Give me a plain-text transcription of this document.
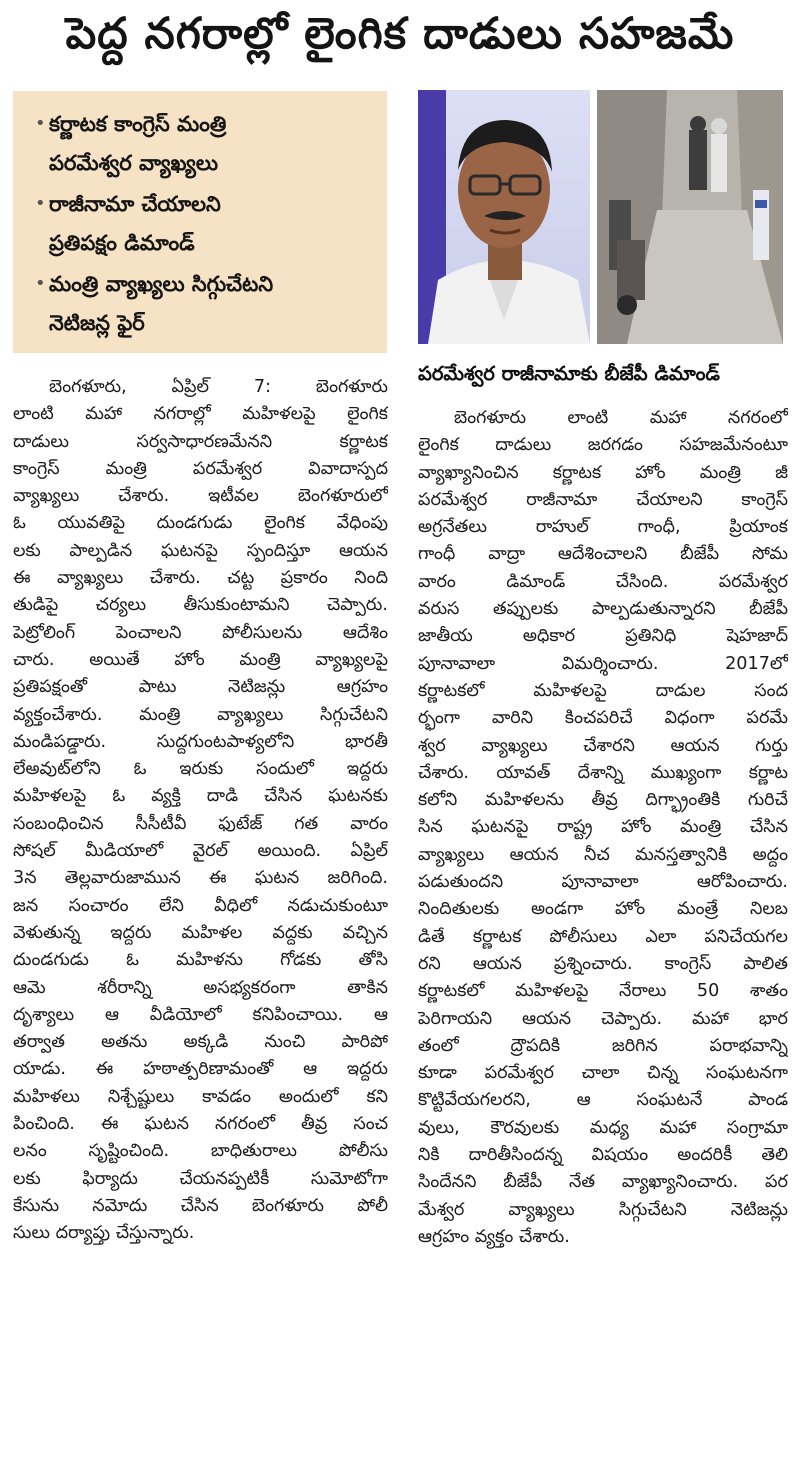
పెద్ద నగరాల్లో లైంగిక దాడులు సహజమే
• కర్ణాటక కాంగ్రెస్ మంత్రి
పరమేశ్వర వ్యాఖ్యలు
• రాజీనామా చేయాలని
ప్రతిపక్షం డిమాండ్
• మంత్రి వ్యాఖ్యలు సిగ్గుచేటని
నెటిజన్ల ఫైర్
పరమేశ్వర రాజీనామాకు బీజేపీ డిమాండ్
బెంగళూరు, ఏప్రిల్ 7: బెంగళూరు
లాంటి మహా నగరాల్లో మహిళలపై లైంగిక
దాడులు సర్వసాధారణమేనని కర్ణాటక
కాంగ్రెస్ మంత్రి పరమేశ్వర వివాదాస్పద
వ్యాఖ్యలు చేశారు. ఇటీవల బెంగళూరులో
ఓ యువతిపై దుండగుడు లైంగిక వేధింపు
లకు పాల్పడిన ఘటనపై స్పందిస్తూ ఆయన
ఈ వ్యాఖ్యలు చేశారు. చట్ట ప్రకారం నింది
తుడిపై చర్యలు తీసుకుంటామని చెప్పారు.
పెట్రోలింగ్ పెంచాలని పోలీసులను ఆదేశిం
చారు. అయితే హోం మంత్రి వ్యాఖ్యలపై
ప్రతిపక్షంతో పాటు నెటిజన్లు ఆగ్రహం
వ్యక్తంచేశారు. మంత్రి వ్యాఖ్యలు సిగ్గుచేటని
మండిపడ్డారు. సుద్దగుంటపాళ్యలోని భారతీ
లేఅవుట్‌లోని ఓ ఇరుకు సందులో ఇద్దరు
మహిళలపై ఓ వ్యక్తి దాడి చేసిన ఘటనకు
సంబంధించిన సీసీటీవీ ఫుటేజ్ గత వారం
సోషల్ మీడియాలో వైరల్ అయింది. ఏప్రిల్
3న తెల్లవారుజామున ఈ ఘటన జరిగింది.
జన సంచారం లేని వీధిలో నడుచుకుంటూ
వెళుతున్న ఇద్దరు మహిళల వద్దకు వచ్చిన
దుండగుడు ఓ మహిళను గోడకు తోసి
ఆమె శరీరాన్ని అసభ్యకరంగా తాకిన
దృశ్యాలు ఆ వీడియోలో కనిపించాయి. ఆ
తర్వాత అతను అక్కడి నుంచి పారిపో
యాడు. ఈ హఠాత్పరిణామంతో ఆ ఇద్దరు
మహిళలు నిశ్చేష్టులు కావడం అందులో కని
పించింది. ఈ ఘటన నగరంలో తీవ్ర సంచ
లనం సృష్టించింది. బాధితురాలు పోలీసు
లకు ఫిర్యాదు చేయనప్పటికీ సుమోటోగా
కేసును నమోదు చేసిన బెంగళూరు పోలీ
సులు దర్యాప్తు చేస్తున్నారు.
బెంగళూరు లాంటి మహా నగరంలో
లైంగిక దాడులు జరగడం సహజమేనంటూ
వ్యాఖ్యానించిన కర్ణాటక హోం మంత్రి జీ
పరమేశ్వర రాజీనామా చేయాలని కాంగ్రెస్
అగ్రనేతలు రాహుల్ గాంధీ, ప్రియాంక
గాంధీ వాద్రా ఆదేశించాలని బీజేపీ సోమ
వారం డిమాండ్ చేసింది. పరమేశ్వర
వరుస తప్పులకు పాల్పడుతున్నారని బీజేపీ
జాతీయ అధికార ప్రతినిధి షెహజాద్
పూనావాలా విమర్శించారు. 2017లో
కర్ణాటకలో మహిళలపై దాడుల సంద
ర్భంగా వారిని కించపరిచే విధంగా పరమే
శ్వర వ్యాఖ్యలు చేశారని ఆయన గుర్తు
చేశారు. యావత్ దేశాన్ని ముఖ్యంగా కర్ణాట
కలోని మహిళలను తీవ్ర దిగ్భ్రాంతికి గురిచే
సిన ఘటనపై రాష్ట్ర హోం మంత్రి చేసిన
వ్యాఖ్యలు ఆయన నీచ మనస్తత్వానికి అద్దం
పడుతుందని పూనావాలా ఆరోపించారు.
నిందితులకు అండగా హోం మంత్రే నిలబ
డితే కర్ణాటక పోలీసులు ఎలా పనిచేయగల
రని ఆయన ప్రశ్నించారు. కాంగ్రెస్ పాలిత
కర్ణాటకలో మహిళలపై నేరాలు 50 శాతం
పెరిగాయని ఆయన చెప్పారు. మహా భార
తంలో ద్రౌపదికి జరిగిన పరాభవాన్ని
కూడా పరమేశ్వర చాలా చిన్న సంఘటనగా
కొట్టివేయగలరని, ఆ సంఘటనే పాండ
వులు, కౌరవులకు మధ్య మహా సంగ్రామా
నికి దారితీసిందన్న విషయం అందరికీ తెలి
సిందేనని బీజేపీ నేత వ్యాఖ్యానించారు. పర
మేశ్వర వ్యాఖ్యలు సిగ్గుచేటని నెటిజన్లు
ఆగ్రహం వ్యక్తం చేశారు.
